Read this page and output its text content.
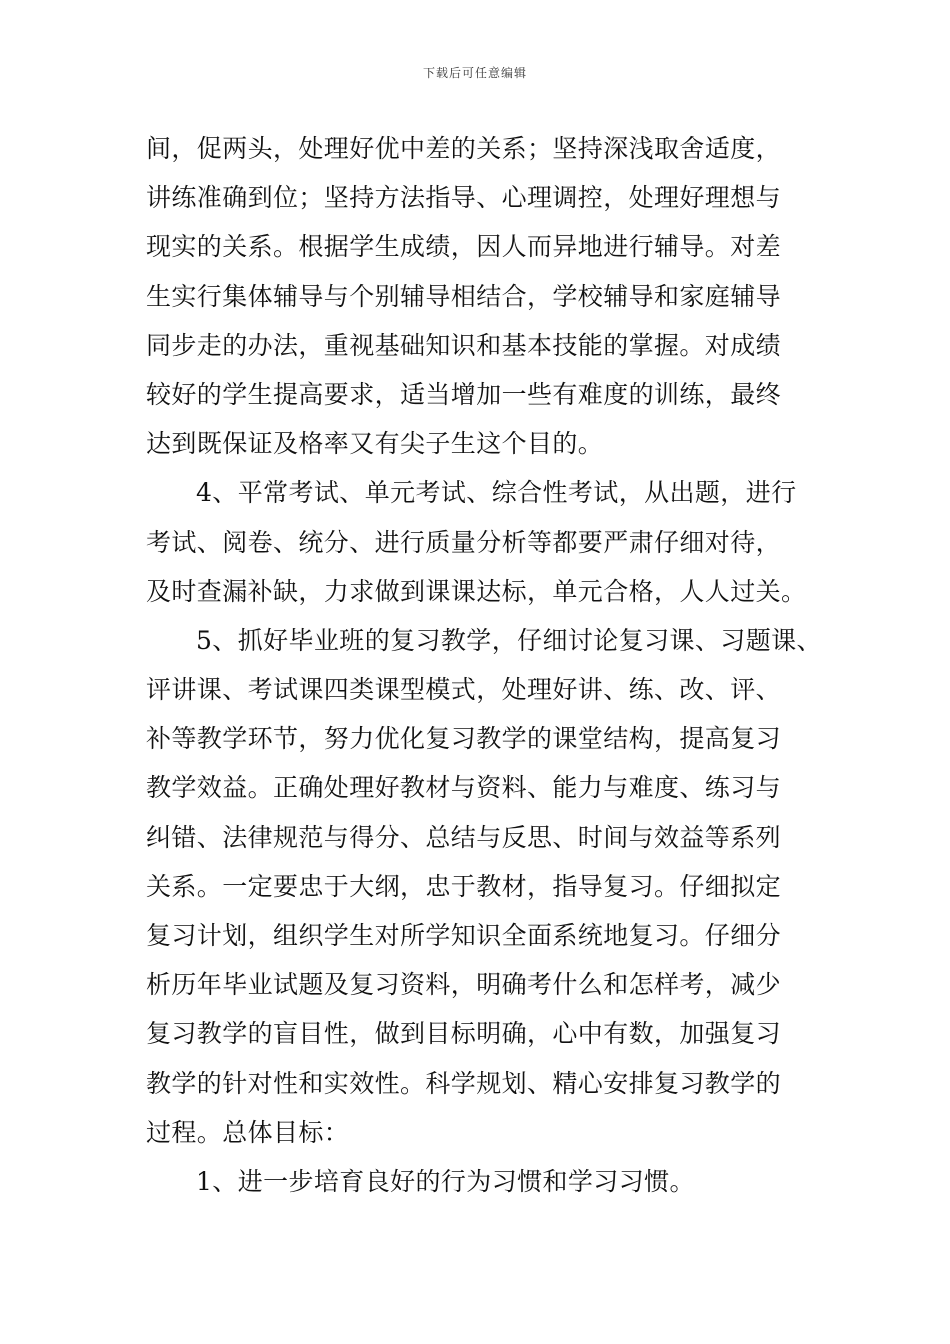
下载后可任意编辑
间，促两头，处理好优中差的关系；坚持深浅取舍适度，
讲练准确到位；坚持方法指导、心理调控，处理好理想与
现实的关系。根据学生成绩，因人而异地进行辅导。对差
生实行集体辅导与个别辅导相结合，学校辅导和家庭辅导
同步走的办法，重视基础知识和基本技能的掌握。对成绩
较好的学生提高要求，适当增加一些有难度的训练，最终
达到既保证及格率又有尖子生这个目的。
4、平常考试、单元考试、综合性考试，从出题，进行
考试、阅卷、统分、进行质量分析等都要严肃仔细对待，
及时查漏补缺，力求做到课课达标，单元合格，人人过关。
5、抓好毕业班的复习教学，仔细讨论复习课、习题课、
评讲课、考试课四类课型模式，处理好讲、练、改、评、
补等教学环节，努力优化复习教学的课堂结构，提高复习
教学效益。正确处理好教材与资料、能力与难度、练习与
纠错、法律规范与得分、总结与反思、时间与效益等系列
关系。一定要忠于大纲，忠于教材，指导复习。仔细拟定
复习计划，组织学生对所学知识全面系统地复习。仔细分
析历年毕业试题及复习资料，明确考什么和怎样考，减少
复习教学的盲目性，做到目标明确，心中有数，加强复习
教学的针对性和实效性。科学规划、精心安排复习教学的
过程。总体目标：
1、进一步培育良好的行为习惯和学习习惯。
